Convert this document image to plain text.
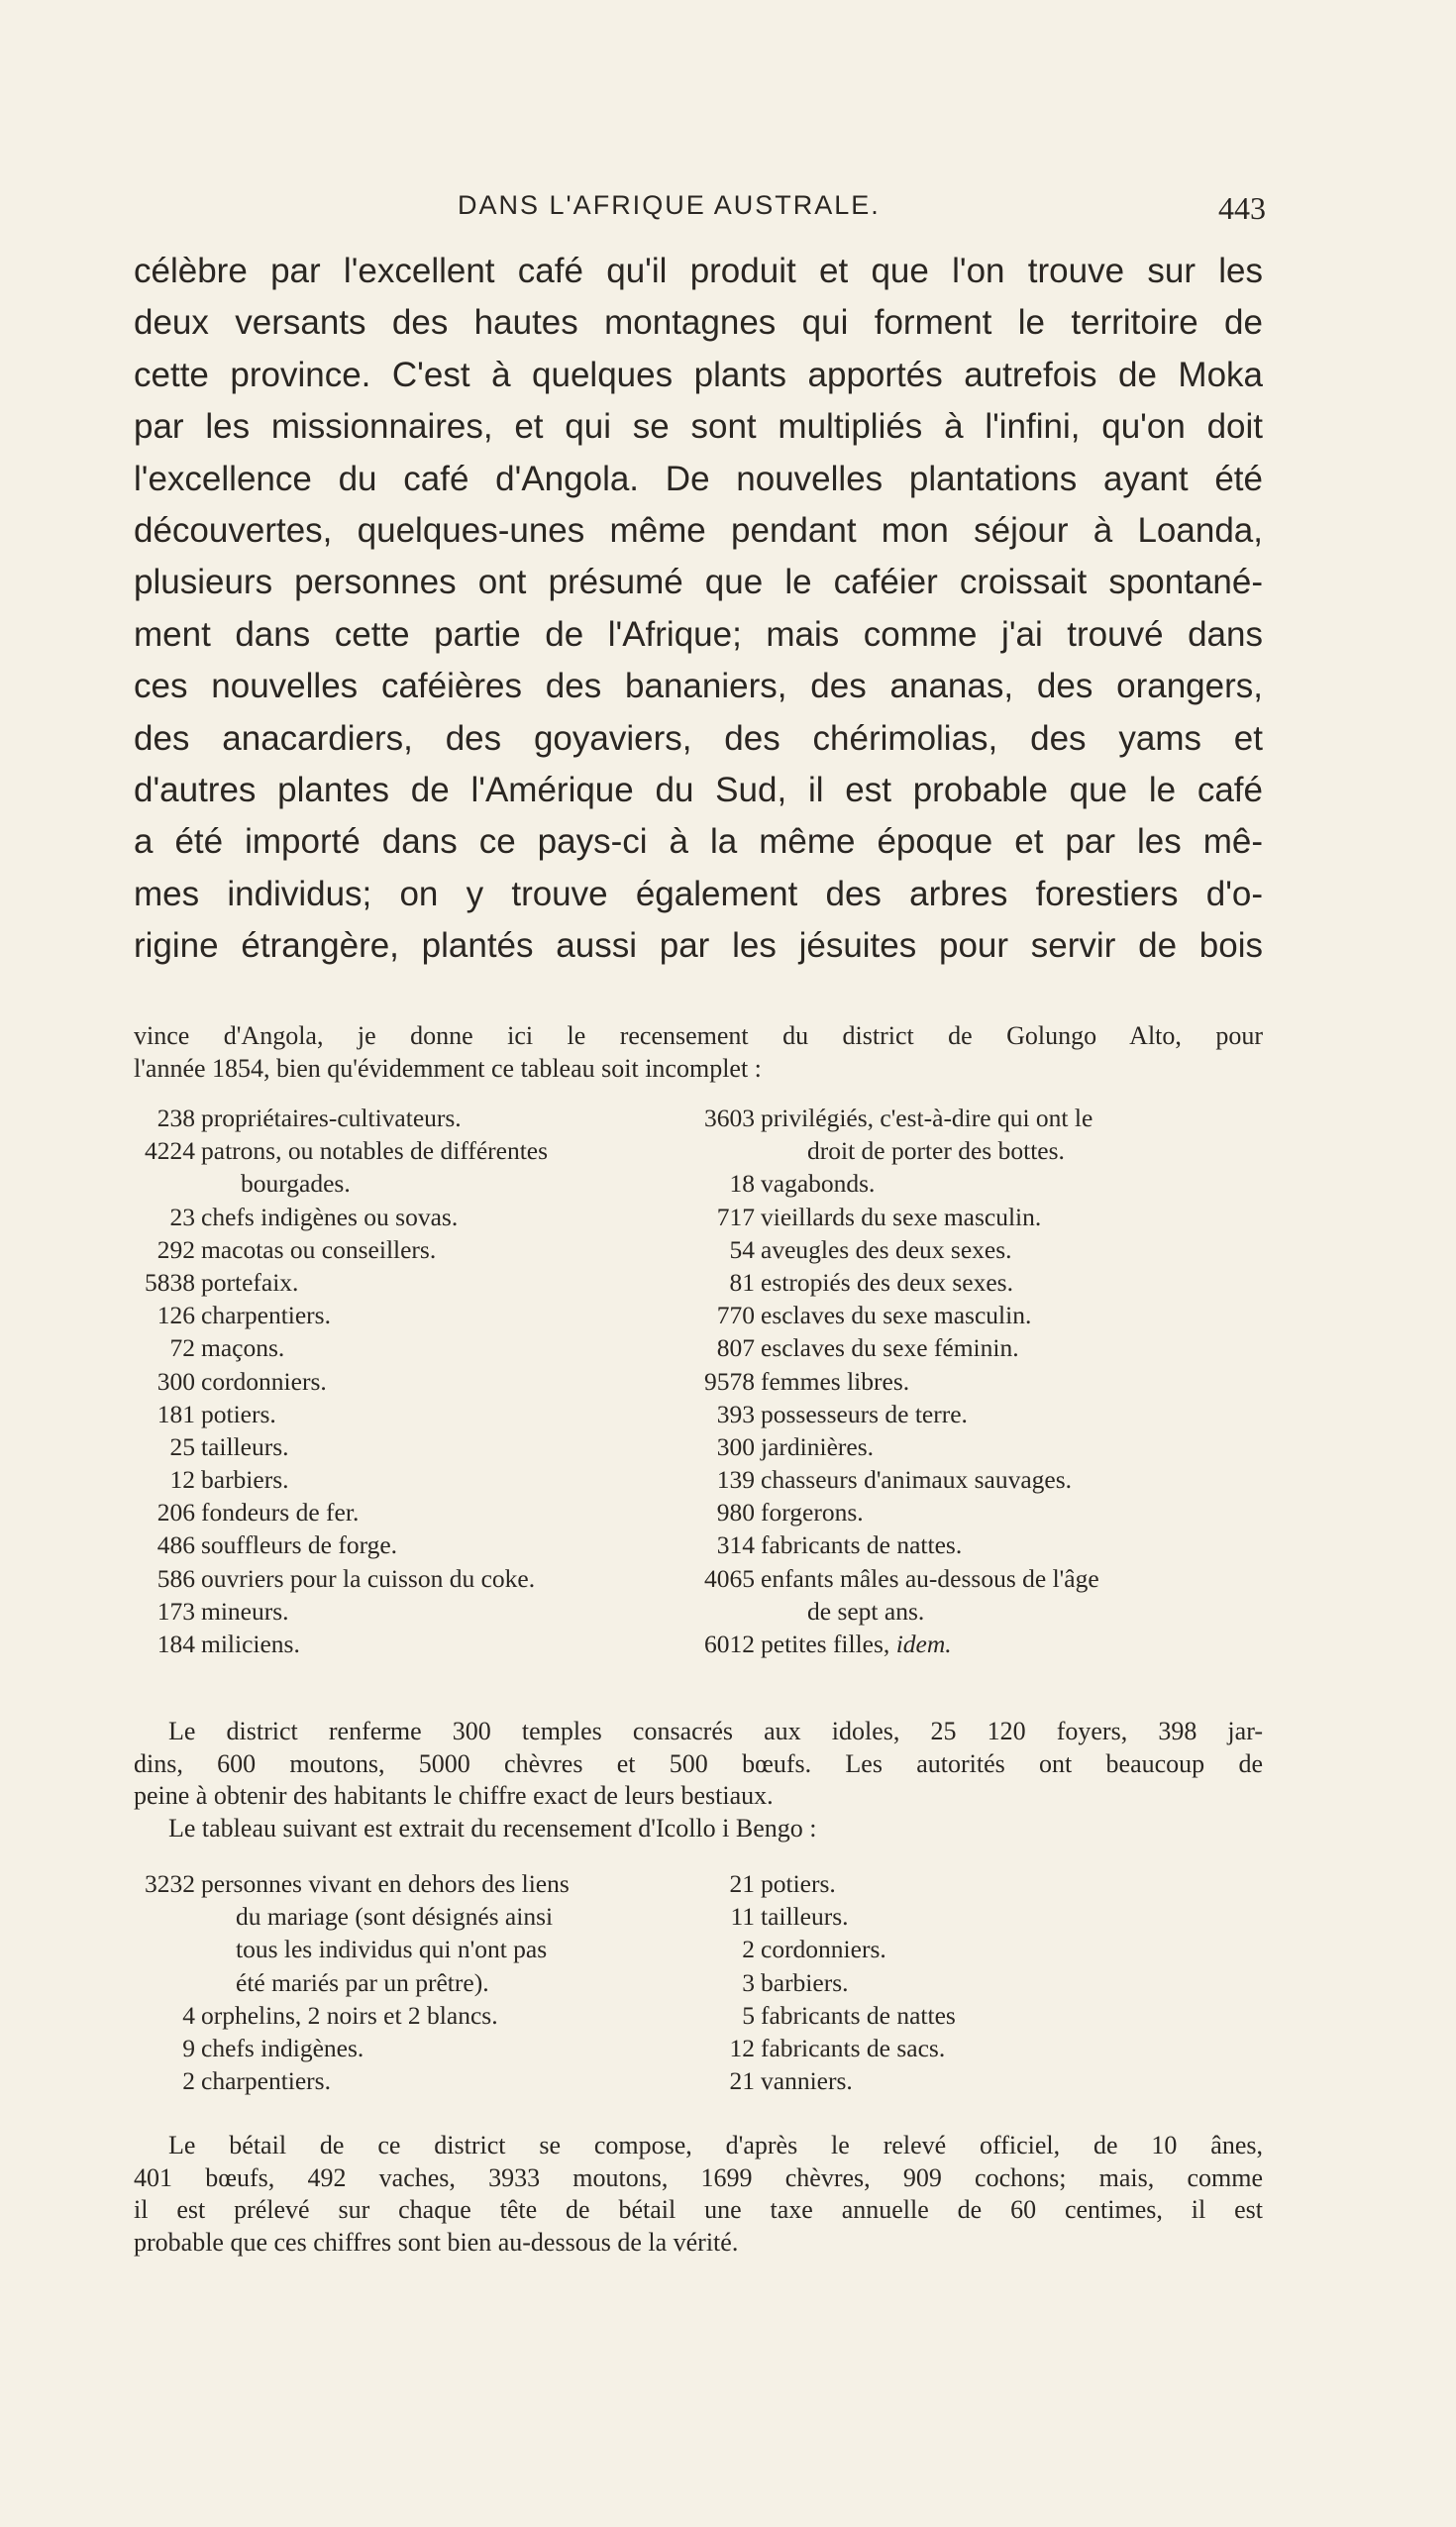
DANS L'AFRIQUE AUSTRALE.	443
célèbre par l'excellent café qu'il produit et que l'on trouve sur les
deux versants des hautes montagnes qui forment le territoire de
cette province. C'est à quelques plants apportés autrefois de Moka
par les missionnaires, et qui se sont multipliés à l'infini, qu'on doit
l'excellence du café d'Angola. De nouvelles plantations ayant été
découvertes, quelques-unes même pendant mon séjour à Loanda,
plusieurs personnes ont présumé que le caféier croissait spontané-
ment dans cette partie de l'Afrique; mais comme j'ai trouvé dans
ces nouvelles caféières des bananiers, des ananas, des orangers,
des anacardiers, des goyaviers, des chérimolias, des yams et
d'autres plantes de l'Amérique du Sud, il est probable que le café
a été importé dans ce pays-ci à la même époque et par les mê-
mes individus; on y trouve également des arbres forestiers d'o-
rigine étrangère, plantés aussi par les jésuites pour servir de bois
vince d'Angola, je donne ici le recensement du district de Golungo Alto, pour
l'année 1854, bien qu'évidemment ce tableau soit incomplet :
238 propriétaires-cultivateurs.
4224 patrons, ou notables de différentes
bourgades.
23 chefs indigènes ou sovas.
292 macotas ou conseillers.
5838 portefaix.
126 charpentiers.
72 maçons.
300 cordonniers.
181 potiers.
25 tailleurs.
12 barbiers.
206 fondeurs de fer.
486 souffleurs de forge.
586 ouvriers pour la cuisson du coke.
173 mineurs.
184 miliciens.
3603 privilégiés, c'est-à-dire qui ont le
droit de porter des bottes.
18 vagabonds.
717 vieillards du sexe masculin.
54 aveugles des deux sexes.
81 estropiés des deux sexes.
770 esclaves du sexe masculin.
807 esclaves du sexe féminin.
9578 femmes libres.
393 possesseurs de terre.
300 jardinières.
139 chasseurs d'animaux sauvages.
980 forgerons.
314 fabricants de nattes.
4065 enfants mâles au-dessous de l'âge
de sept ans.
6012 petites filles, idem.
Le district renferme 300 temples consacrés aux idoles, 25 120 foyers, 398 jar-
dins, 600 moutons, 5000 chèvres et 500 bœufs. Les autorités ont beaucoup de
peine à obtenir des habitants le chiffre exact de leurs bestiaux.
Le tableau suivant est extrait du recensement d'Icollo i Bengo :
3232 personnes vivant en dehors des liens
du mariage (sont désignés ainsi
tous les individus qui n'ont pas
été mariés par un prêtre).
4 orphelins, 2 noirs et 2 blancs.
9 chefs indigènes.
2 charpentiers.
21 potiers.
11 tailleurs.
2 cordonniers.
3 barbiers.
5 fabricants de nattes
12 fabricants de sacs.
21 vanniers.
Le bétail de ce district se compose, d'après le relevé officiel, de 10 ânes,
401 bœufs, 492 vaches, 3933 moutons, 1699 chèvres, 909 cochons; mais, comme
il est prélevé sur chaque tête de bétail une taxe annuelle de 60 centimes, il est
probable que ces chiffres sont bien au-dessous de la vérité.
